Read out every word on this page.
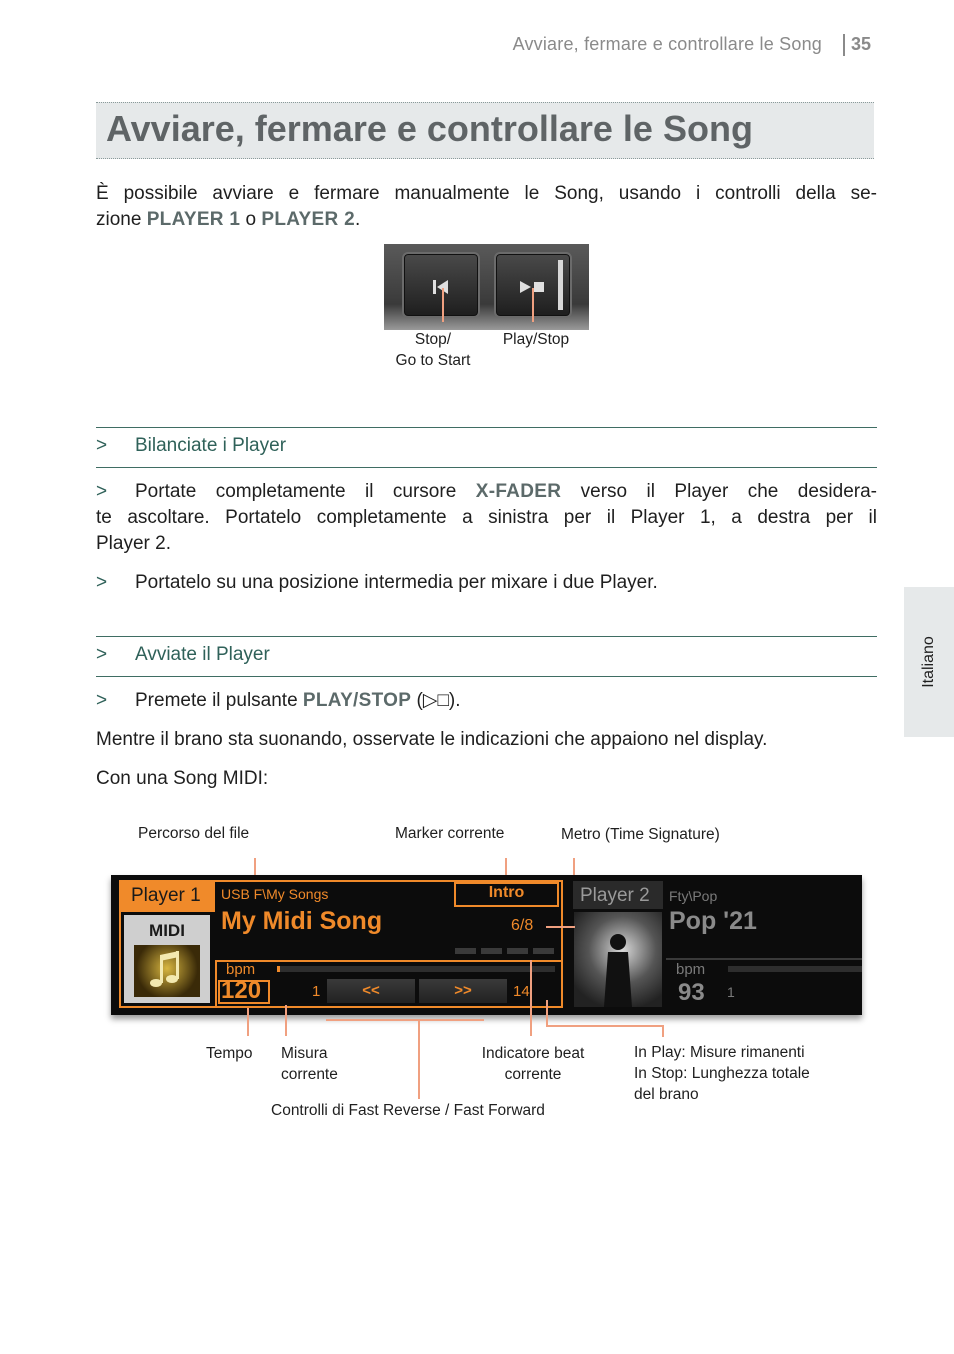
Avviare, fermare e controllare le Song 35
Avviare, fermare e controllare le Song
È possibile avviare e fermare manualmente le Song, usando i controlli della se-
zione PLAYER 1 o PLAYER 2.
Stop/
Go to Start
Play/Stop
> Bilanciate i Player
> Portate completamente il cursore X-FADER verso il Player che desidera-
te ascoltare. Portatelo completamente a sinistra per il Player 1, a destra per il
Player 2.
> Portatelo su una posizione intermedia per mixare i due Player.
> Avviate il Player
> Premete il pulsante PLAY/STOP (▷□).
Mentre il brano sta suonando, osservate le indicazioni che appaiono nel display.
Con una Song MIDI:
Italiano
Percorso del file	Marker corrente	Metro (Time Signature)
Player 1
MIDI
USB F\My Songs	Intro
My Midi Song	6/8
bpm
120	1	<<	>>	14
Player 2 Fty\Pop
Pop '21
bpm
93 1
Tempo Misura
corrente
Indicatore beat
corrente
In Play: Misure rimanenti
In Stop: Lunghezza totale
del brano
Controlli di Fast Reverse / Fast Forward
